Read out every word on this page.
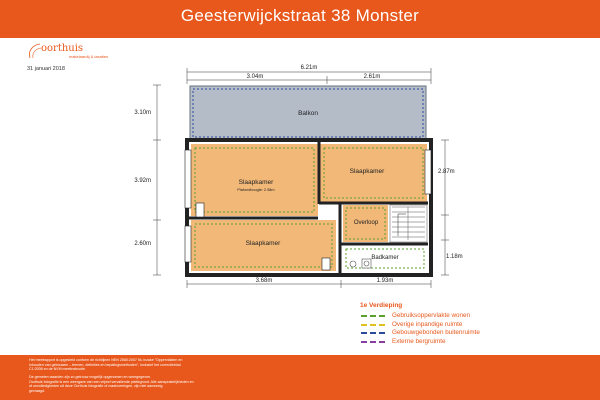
Geesterwijckstraat 38 Monster
oorthuis
makelaardij & taxaties
31 januari 2018	6.21m
3.04m	2.61m
3.10m
3.92m
2.60m
2.87m
1.18m
3.68m	1.93m
Balkon
Slaapkamer
Plafondhoogte: 2.58m
Slaapkamer
Slaapkamer
Overloop
Badkamer
1e Verdieping
Gebruiksoppervlakte wonen
Overige inpandige ruimte
Gebouwgebonden buitenruimte
Externe bergruimte
Het meetrapport is opgesteld conform de richtlijnen NEN 2580:2007 NL inzake "Oppervlakten en
inhouden van gebouwen – termen, definities en bepalingsmethoden", inclusief het correctieblad
C1:2008 en de NVM meetinstructie.
De gemeten waarden zijn zo getrouw mogelijk opgenomen en weergegeven.
Oorthuis fotografie is een weergave van een vrijwel vervallende plattegrond. Alle aansprakelijkheden en
of onvolledigheden uit deze Oorthuis fotografie of maatvoeringen, zijn niet aanwezig
gevraagd.
